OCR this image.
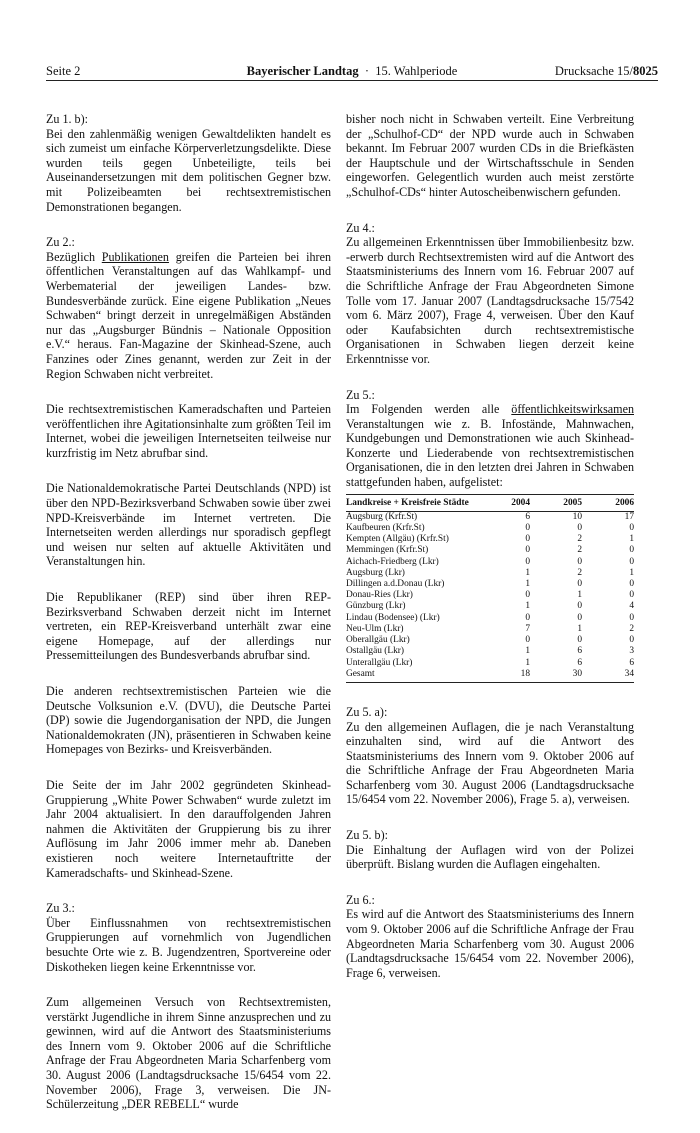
Seite 2	Bayerischer Landtag · 15. Wahlperiode	Drucksache 15/8025

Zu 1. b):

Bei den zahlenmäßig wenigen Gewaltdelikten handelt es sich zumeist um einfache Körperverletzungsdelikte. Diese wurden teils gegen Unbeteiligte, teils bei Auseinandersetzungen mit dem politischen Gegner bzw. mit Polizeibeamten bei rechtsextremistischen Demonstrationen begangen.

Zu 2.:

Bezüglich Publikationen greifen die Parteien bei ihren öffentlichen Veranstaltungen auf das Wahlkampf- und Werbematerial der jeweiligen Landes- bzw. Bundesverbände zurück. Eine eigene Publikation „Neues Schwaben“ bringt derzeit in unregelmäßigen Abständen nur das „Augsburger Bündnis – Nationale Opposition e.V.“ heraus. Fan-Magazine der Skinhead-Szene, auch Fanzines oder Zines genannt, werden zur Zeit in der Region Schwaben nicht verbreitet.

Die rechtsextremistischen Kameradschaften und Parteien veröffentlichen ihre Agitationsinhalte zum größten Teil im Internet, wobei die jeweiligen Internetseiten teilweise nur kurzfristig im Netz abrufbar sind.

Die Nationaldemokratische Partei Deutschlands (NPD) ist über den NPD-Bezirksverband Schwaben sowie über zwei NPD-Kreisverbände im Internet vertreten. Die Internetseiten werden allerdings nur sporadisch gepflegt und weisen nur selten auf aktuelle Aktivitäten und Veranstaltungen hin.

Die Republikaner (REP) sind über ihren REP-Bezirksverband Schwaben derzeit nicht im Internet vertreten, ein REP-Kreisverband unterhält zwar eine eigene Homepage, auf der allerdings nur Pressemitteilungen des Bundesverbands abrufbar sind.

Die anderen rechtsextremistischen Parteien wie die Deutsche Volksunion e.V. (DVU), die Deutsche Partei (DP) sowie die Jugendorganisation der NPD, die Jungen Nationaldemokraten (JN), präsentieren in Schwaben keine Homepages von Bezirks- und Kreisverbänden.

Die Seite der im Jahr 2002 gegründeten Skinhead-Gruppierung „White Power Schwaben“ wurde zuletzt im Jahr 2004 aktualisiert. In den darauffolgenden Jahren nahmen die Aktivitäten der Gruppierung bis zu ihrer Auflösung im Jahr 2006 immer mehr ab. Daneben existieren noch weitere Internetauftritte der Kameradschafts- und Skinhead-Szene.

Zu 3.:

Über Einflussnahmen von rechtsextremistischen Gruppierungen auf vornehmlich von Jugendlichen besuchte Orte wie z. B. Jugendzentren, Sportvereine oder Diskotheken liegen keine Erkenntnisse vor.

Zum allgemeinen Versuch von Rechtsextremisten, verstärkt Jugendliche in ihrem Sinne anzusprechen und zu gewinnen, wird auf die Antwort des Staatsministeriums des Innern vom 9. Oktober 2006 auf die Schriftliche Anfrage der Frau Abgeordneten Maria Scharfenberg vom 30. August 2006 (Landtagsdrucksache 15/6454 vom 22. November 2006), Frage 3, verweisen. Die JN-Schülerzeitung „DER REBELL“ wurde

bisher noch nicht in Schwaben verteilt. Eine Verbreitung der „Schulhof-CD“ der NPD wurde auch in Schwaben bekannt. Im Februar 2007 wurden CDs in die Briefkästen der Hauptschule und der Wirtschaftsschule in Senden eingeworfen. Gelegentlich wurden auch meist zerstörte „Schulhof-CDs“ hinter Autoscheibenwischern gefunden.

Zu 4.:

Zu allgemeinen Erkenntnissen über Immobilienbesitz bzw. -erwerb durch Rechtsextremisten wird auf die Antwort des Staatsministeriums des Innern vom 16. Februar 2007 auf die Schriftliche Anfrage der Frau Abgeordneten Simone Tolle vom 17. Januar 2007 (Landtagsdrucksache 15/7542 vom 6. März 2007), Frage 4, verweisen. Über den Kauf oder Kaufabsichten durch rechtsextremistische Organisationen in Schwaben liegen derzeit keine Erkenntnisse vor.

Zu 5.:

Im Folgenden werden alle öffentlichkeitswirksamen Veranstaltungen wie z. B. Infostände, Mahnwachen, Kundgebungen und Demonstrationen wie auch Skinhead-Konzerte und Liederabende von rechtsextremistischen Organisationen, die in den letzten drei Jahren in Schwaben stattgefunden haben, aufgelistet:

Landkreise + Kreisfreie Städte	2004	2005	2006
Augsburg (Krfr.St)	6	10	17
Kaufbeuren (Krfr.St)	0	0	0
Kempten (Allgäu) (Krfr.St)	0	2	1
Memmingen (Krfr.St)	0	2	0
Aichach-Friedberg (Lkr)	0	0	0
Augsburg (Lkr)	1	2	1
Dillingen a.d.Donau (Lkr)	1	0	0
Donau-Ries (Lkr)	0	1	0
Günzburg (Lkr)	1	0	4
Lindau (Bodensee) (Lkr)	0	0	0
Neu-Ulm (Lkr)	7	1	2
Oberallgäu (Lkr)	0	0	0
Ostallgäu (Lkr)	1	6	3
Unterallgäu (Lkr)	1	6	6
Gesamt	18	30	34

Zu 5. a):

Zu den allgemeinen Auflagen, die je nach Veranstaltung einzuhalten sind, wird auf die Antwort des Staatsministeriums des Innern vom 9. Oktober 2006 auf die Schriftliche Anfrage der Frau Abgeordneten Maria Scharfenberg vom 30. August 2006 (Landtagsdrucksache 15/6454 vom 22. November 2006), Frage 5. a), verweisen.

Zu 5. b):

Die Einhaltung der Auflagen wird von der Polizei überprüft. Bislang wurden die Auflagen eingehalten.

Zu 6.:

Es wird auf die Antwort des Staatsministeriums des Innern vom 9. Oktober 2006 auf die Schriftliche Anfrage der Frau Abgeordneten Maria Scharfenberg vom 30. August 2006 (Landtagsdrucksache 15/6454 vom 22. November 2006), Frage 6, verweisen.
